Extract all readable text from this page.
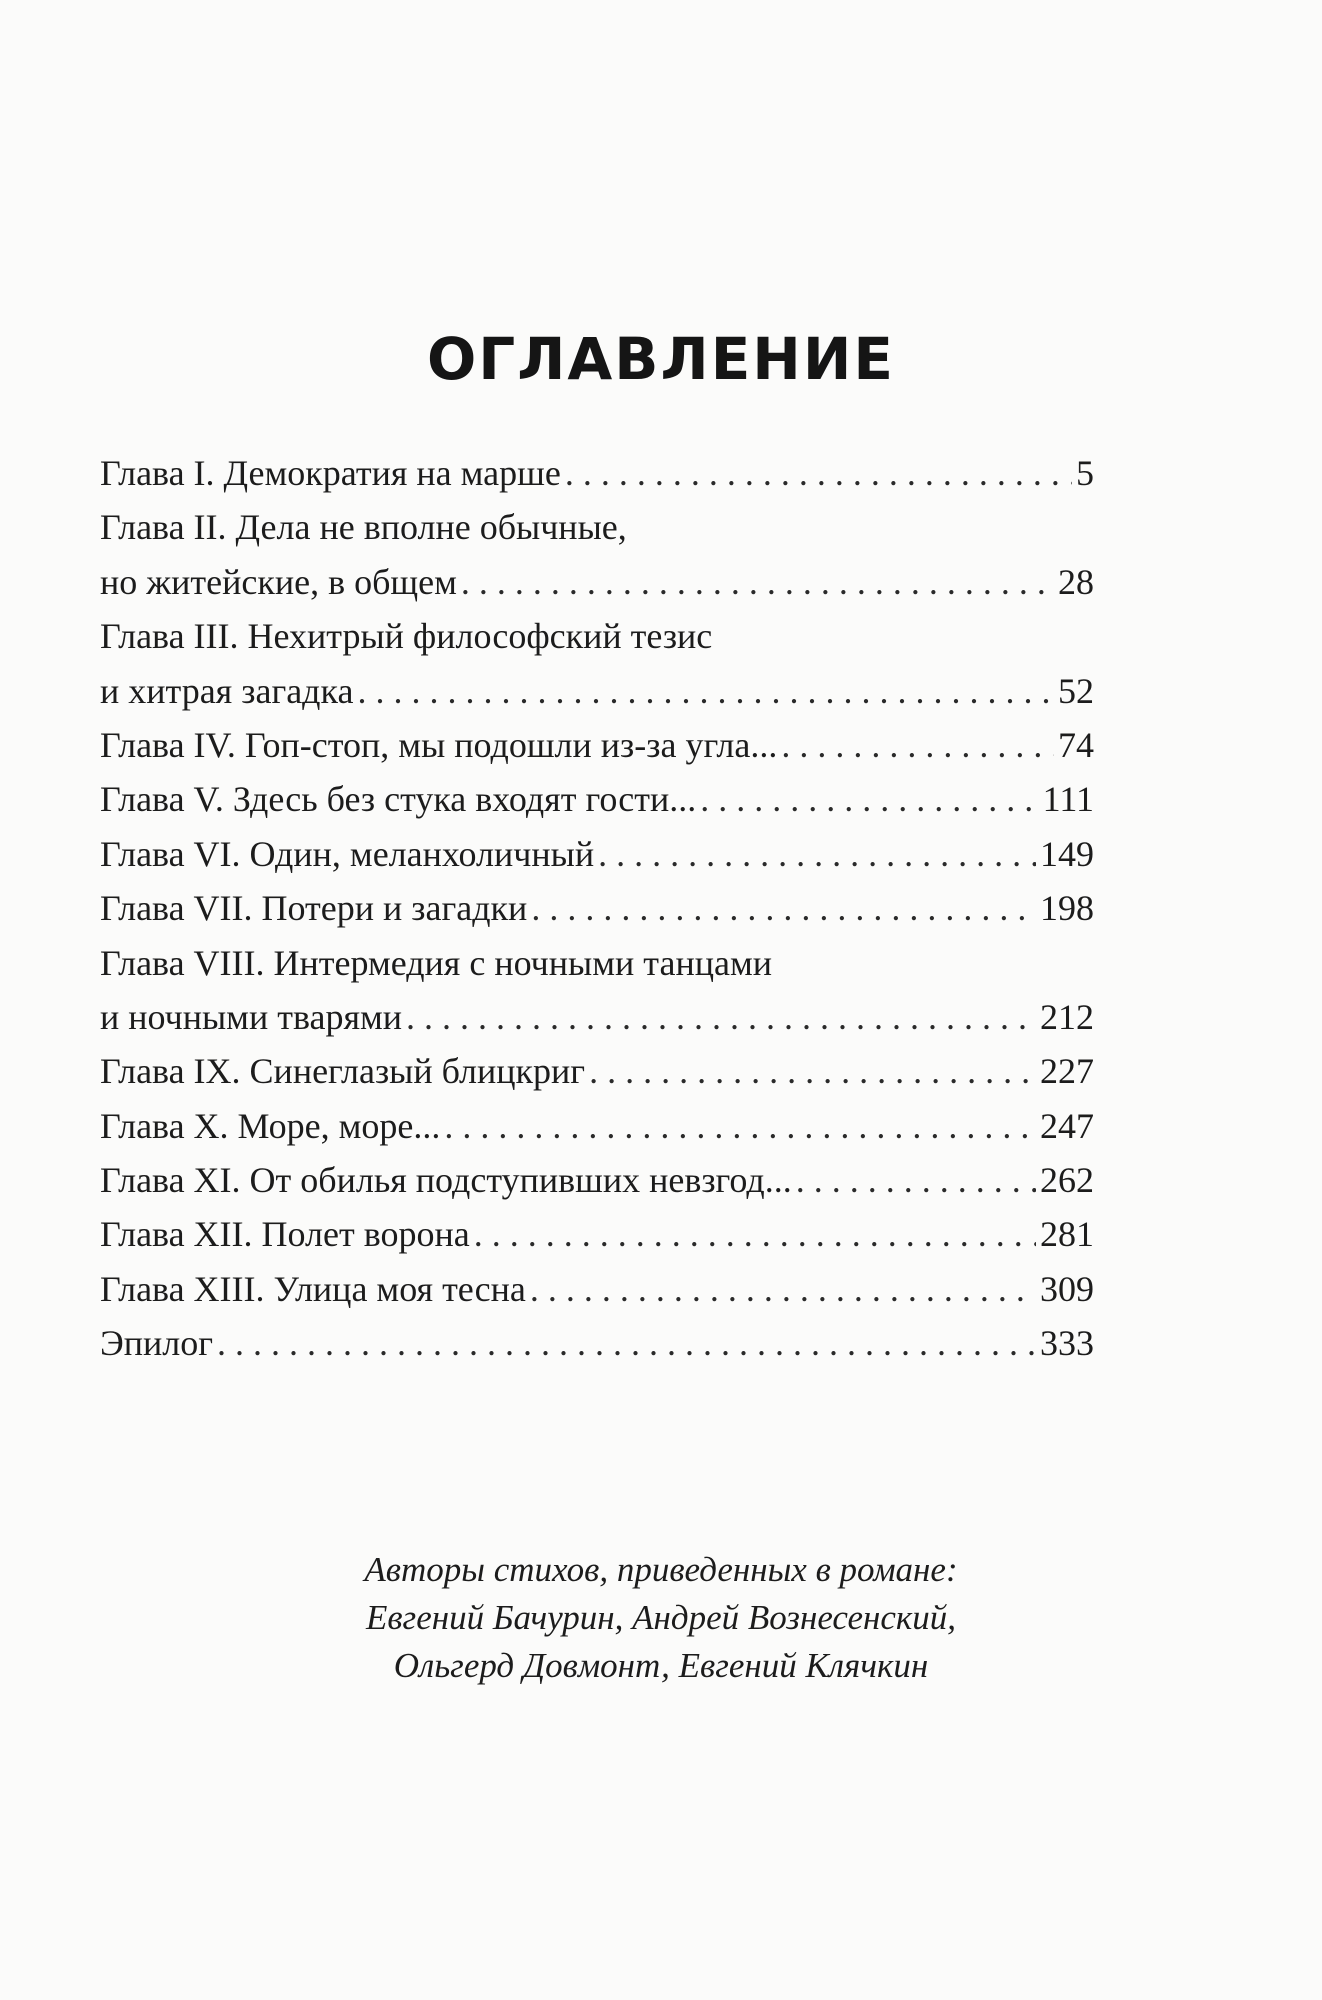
ОГЛАВЛЕНИЕ
Глава I. Демократия на марше . . .	5
Глава II. Дела не вполне обычные,
но житейские, в общем . . .	28
Глава III. Нехитрый философский тезис
и хитрая загадка . . .	52
Глава IV. Гоп-стоп, мы подошли из-за угла... . . .	74
Глава V. Здесь без стука входят гости... . . .	111
Глава VI. Один, меланхоличный . . .	149
Глава VII. Потери и загадки . . .	198
Глава VIII. Интермедия с ночными танцами
и ночными тварями . . .	212
Глава IX. Синеглазый блицкриг . . .	227
Глава X. Море, море... . . .	247
Глава XI. От обилья подступивших невзгод... . . .	262
Глава XII. Полет ворона . . .	281
Глава XIII. Улица моя тесна . . .	309
Эпилог . . .	333
Авторы стихов, приведенных в романе:
Евгений Бачурин, Андрей Вознесенский,
Ольгерд Довмонт, Евгений Клячкин
